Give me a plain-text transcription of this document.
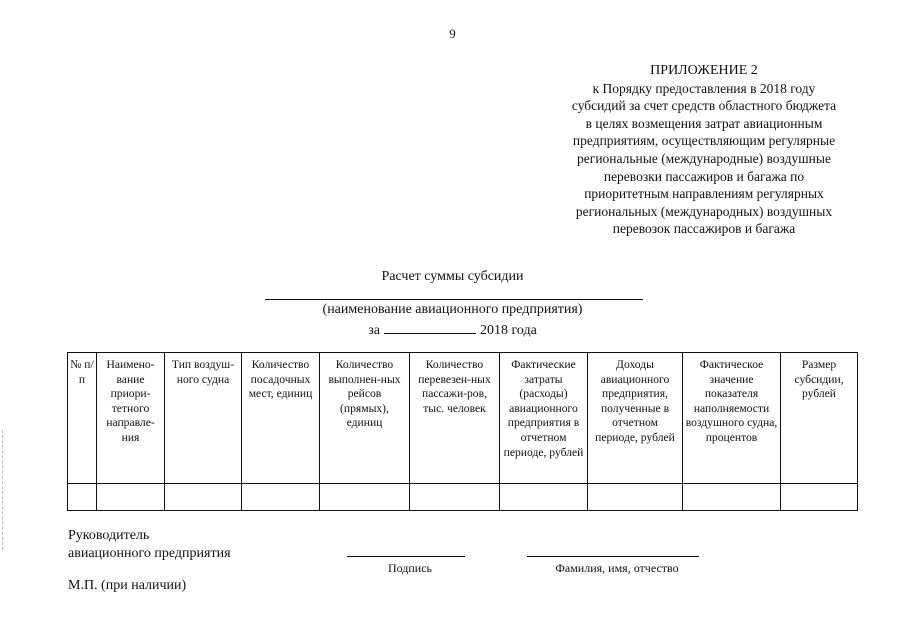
9
ПРИЛОЖЕНИЕ 2
к Порядку предоставления в 2018 году
субсидий за счет средств областного бюджета
в целях возмещения затрат авиационным
предприятиям, осуществляющим регулярные
региональные (международные) воздушные
перевозки пассажиров и багажа по
приоритетным направлениям регулярных
региональных (международных) воздушных
перевозок пассажиров и багажа
Расчет суммы субсидии
(наименование авиационного предприятия)
за	2018 года
№ п/п	Наимено-вание приори-тетного направле-ния	Тип воздуш-ного судна	Количество посадочных мест, единиц	Количество выполнен-ных рейсов (прямых), единиц	Количество перевезен-ных пассажи-ров, тыс. человек	Фактические затраты (расходы) авиационного предприятия в отчетном периоде, рублей	Доходы авиационного предприятия, полученные в отчетном периоде, рублей	Фактическое значение показателя наполняемости воздушного судна, процентов	Размер субсидии, рублей

Руководитель
авиационного предприятия
Подпись	Фамилия, имя, отчество
М.П. (при наличии)
